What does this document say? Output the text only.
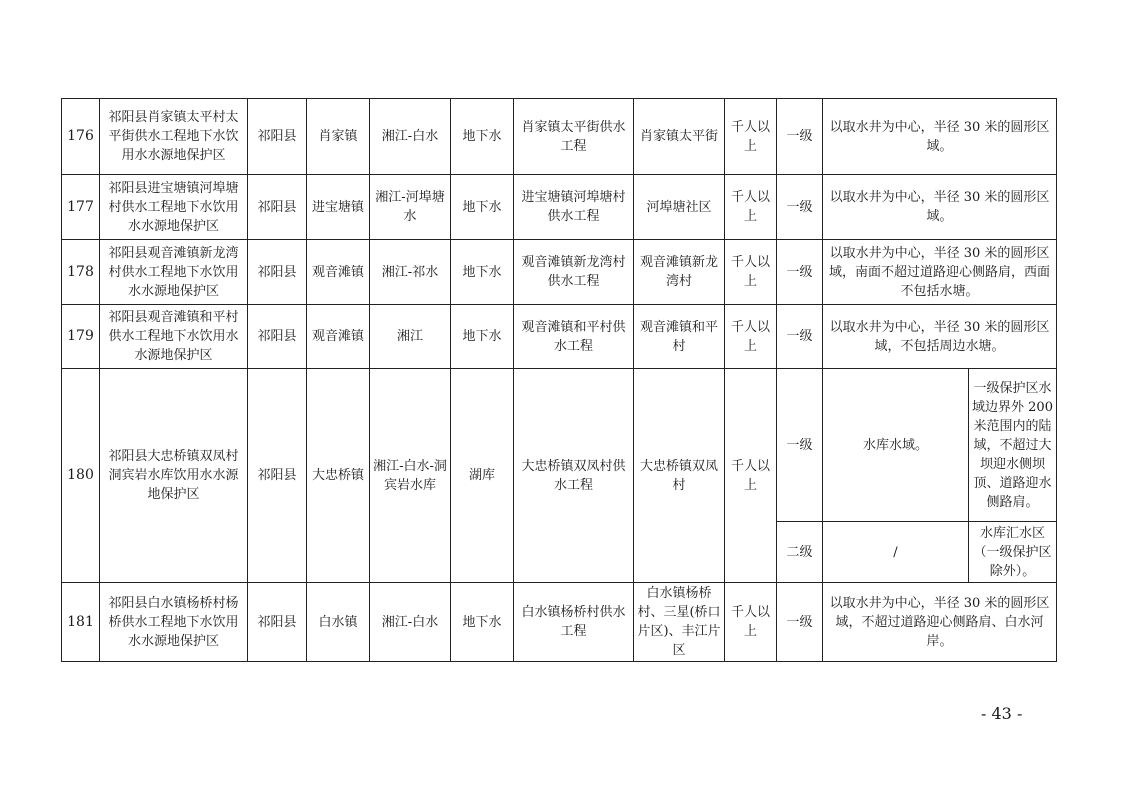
176	祁阳县肖家镇太平村太平街供水工程地下水饮用水水源地保护区	祁阳县	肖家镇	湘江-白水	地下水	肖家镇太平街供水工程	肖家镇太平街	千人以上	一级	以取水井为中心，半径 30 米的圆形区域。	
177	祁阳县进宝塘镇河埠塘村供水工程地下水饮用水水源地保护区	祁阳县	进宝塘镇	湘江-河埠塘水	地下水	进宝塘镇河埠塘村供水工程	河埠塘社区	千人以上	一级	以取水井为中心，半径 30 米的圆形区域。	
178	祁阳县观音滩镇新龙湾村供水工程地下水饮用水水源地保护区	祁阳县	观音滩镇	湘江-祁水	地下水	观音滩镇新龙湾村供水工程	观音滩镇新龙湾村	千人以上	一级	以取水井为中心，半径 30 米的圆形区域，南面不超过道路迎心侧路肩，西面不包括水塘。	
179	祁阳县观音滩镇和平村供水工程地下水饮用水水源地保护区	祁阳县	观音滩镇	湘江	地下水	观音滩镇和平村供水工程	观音滩镇和平村	千人以上	一级	以取水井为中心，半径 30 米的圆形区域，不包括周边水塘。	
180	祁阳县大忠桥镇双凤村洞宾岩水库饮用水水源地保护区	祁阳县	大忠桥镇	湘江-白水-洞宾岩水库	湖库	大忠桥镇双凤村供水工程	大忠桥镇双凤村	千人以上	一级	水库水域。	一级保护区水域边界外 200 米范围内的陆域，不超过大坝迎水侧坝顶、道路迎水侧路肩。
									二级	/	水库汇水区（一级保护区除外）。
181	祁阳县白水镇杨桥村杨桥供水工程地下水饮用水水源地保护区	祁阳县	白水镇	湘江-白水	地下水	白水镇杨桥村供水工程	白水镇杨桥村、三星(桥口片区)、丰江片区	千人以上	一级	以取水井为中心，半径 30 米的圆形区域，不超过道路迎心侧路肩、白水河岸。	
- 43 -
